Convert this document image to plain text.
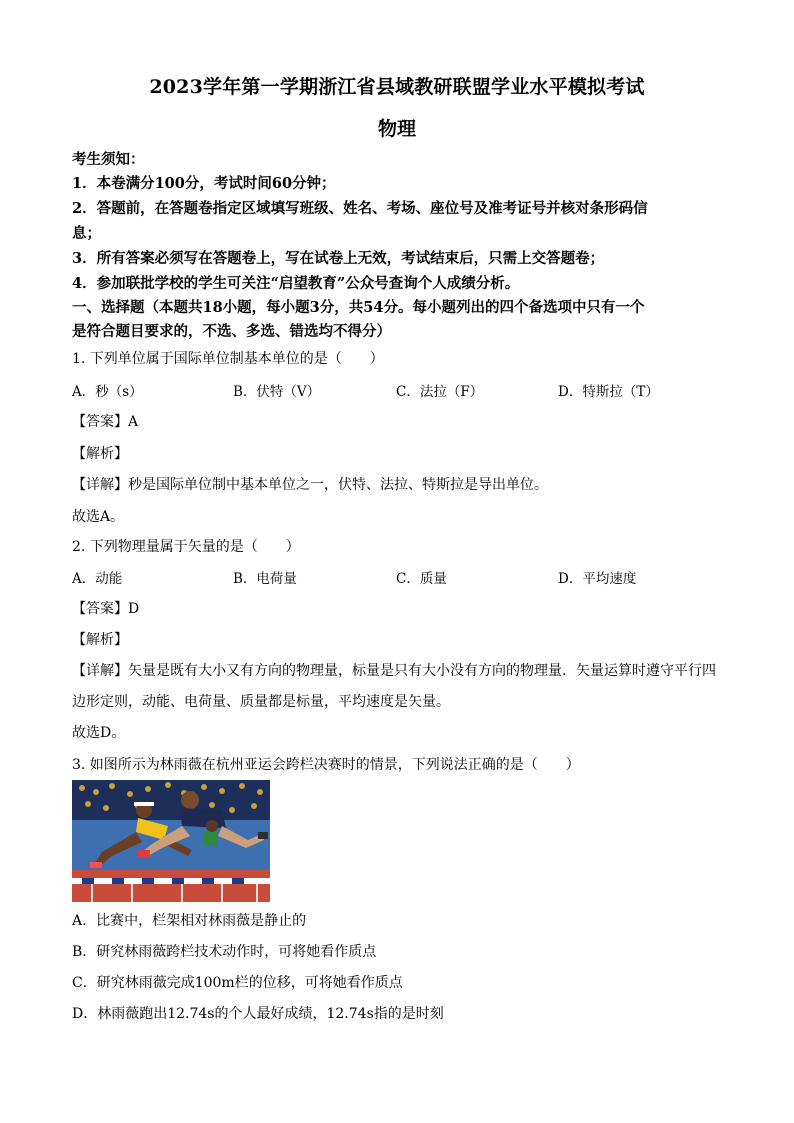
2023学年第一学期浙江省县域教研联盟学业水平模拟考试
物理
考生须知：
1．本卷满分100分，考试时间60分钟；
2．答题前，在答题卷指定区域填写班级、姓名、考场、座位号及准考证号并核对条形码信
息；
3．所有答案必须写在答题卷上，写在试卷上无效，考试结束后，只需上交答题卷；
4．参加联批学校的学生可关注“启望教育”公众号查询个人成绩分析。
一、选择题（本题共18小题，每小题3分，共54分。每小题列出的四个备选项中只有一个
是符合题目要求的，不选、多选、错选均不得分）
1. 下列单位属于国际单位制基本单位的是（　　）
A．秒（s）	B．伏特（V）	C．法拉（F）	D．特斯拉（T）
【答案】A
【解析】
【详解】秒是国际单位制中基本单位之一，伏特、法拉、特斯拉是导出单位。
故选A。
2. 下列物理量属于矢量的是（　　）
A．动能	B．电荷量	C．质量	D．平均速度
【答案】D
【解析】
【详解】矢量是既有大小又有方向的物理量，标量是只有大小没有方向的物理量．矢量运算时遵守平行四
边形定则，动能、电荷量、质量都是标量，平均速度是矢量。
故选D。
3. 如图所示为林雨薇在杭州亚运会跨栏决赛时的情景，下列说法正确的是（　　）
A．比赛中，栏架相对林雨薇是静止的
B．研究林雨薇跨栏技术动作时，可将她看作质点
C．研究林雨薇完成100m栏的位移，可将她看作质点
D．林雨薇跑出12.74s的个人最好成绩，12.74s指的是时刻
